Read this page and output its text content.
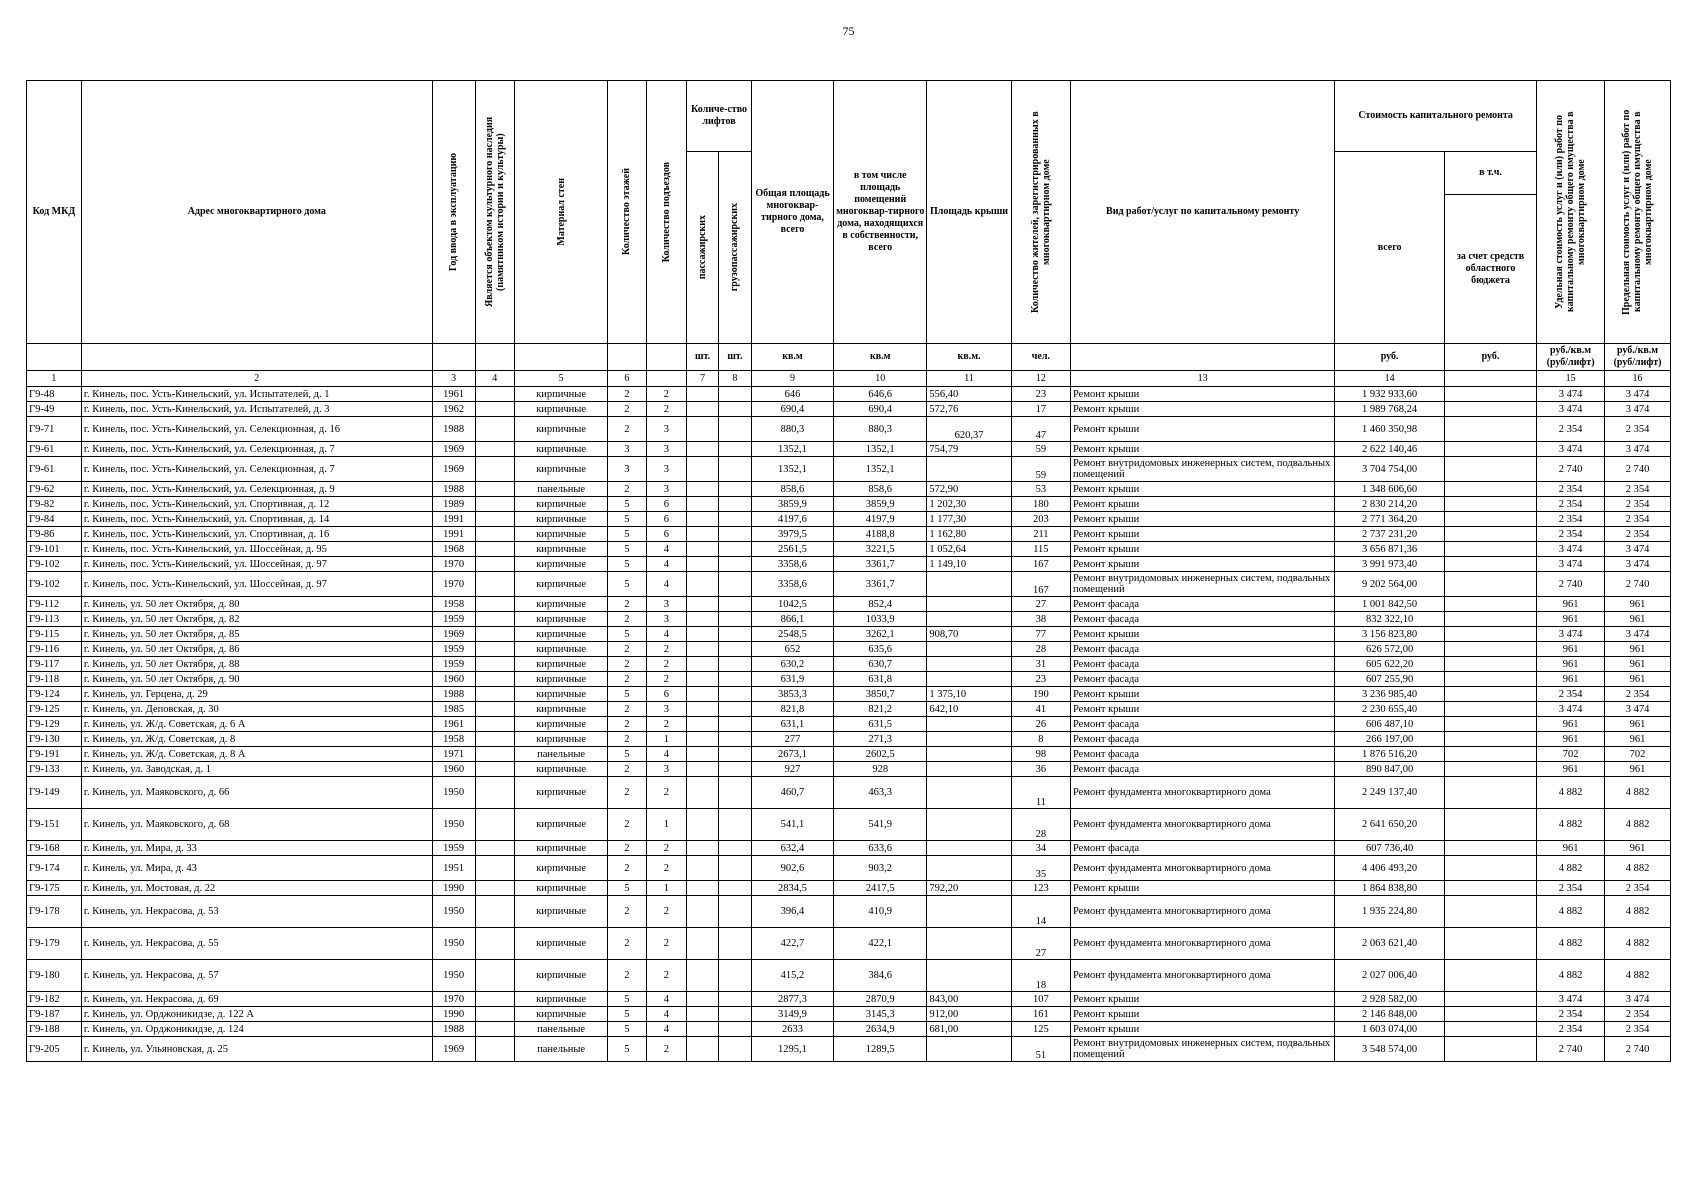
75
Код МКД	Адрес многоквартирного дома	Год ввода в эксплуатацию	Является объектом культурного наследия (памятником истории и культуры)	Материал стен	Количество этажей	Количество подъездов	Количе-ство лифтов		Общая площадь многоквар-тирного дома, всего	в том числе площадь помещений многоквар-тирного дома, находящихся в собственности, всего	Площадь крыши	Количество жителей, зарегистрированных в многоквартирном доме	Вид работ/услуг по капитальному ремонту	Стоимость капитального ремонта		Удельная стоимость услуг и (или) работ по капитальному ремонту общего имущества в многоквартирном доме	Предельная стоимость услуг и (или) работ по капитальному ремонту общего имущества в многоквартирном доме

							пассажирских	грузопассажирских						всего	в т.ч.		
															за счет средств областного бюджета		
							шт.	шт.	кв.м	кв.м	кв.м.	чел.		руб.	руб.	руб./кв.м (руб/лифт)	руб./кв.м (руб/лифт)
1	2	3	4	5	6		7	8	9	10	11	12	13	14		15	16
Г9-48	г. Кинель, пос. Усть-Кинельский, ул. Испытателей, д. 1	1961		кирпичные	2	2			646	646,6	556,40	23	Ремонт крыши	1 932 933,60		3 474	3 474
Г9-49	г. Кинель, пос. Усть-Кинельский, ул. Испытателей, д. 3	1962		кирпичные	2	2			690,4	690,4	572,76	17	Ремонт крыши	1 989 768,24		3 474	3 474
Г9-71	г. Кинель, пос. Усть-Кинельский, ул. Селекционная, д. 16	1988		кирпичные	2	3			880,3	880,3	620,37	47	Ремонт крыши	1 460 350,98		2 354	2 354
Г9-61	г. Кинель, пос. Усть-Кинельский, ул. Селекционная, д. 7	1969		кирпичные	3	3			1352,1	1352,1	754,79	59	Ремонт крыши	2 622 140,46		3 474	3 474
Г9-61	г. Кинель, пос. Усть-Кинельский, ул. Селекционная, д. 7	1969		кирпичные	3	3			1352,1	1352,1		59	Ремонт внутридомовых инженерных систем, подвальных помещений	3 704 754,00		2 740	2 740
Г9-62	г. Кинель, пос. Усть-Кинельский, ул. Селекционная, д. 9	1988		панельные	2	3			858,6	858,6	572,90	53	Ремонт крыши	1 348 606,60		2 354	2 354
Г9-82	г. Кинель, пос. Усть-Кинельский, ул. Спортивная, д. 12	1989		кирпичные	5	6			3859,9	3859,9	1 202,30	180	Ремонт крыши	2 830 214,20		2 354	2 354
Г9-84	г. Кинель, пос. Усть-Кинельский, ул. Спортивная, д. 14	1991		кирпичные	5	6			4197,6	4197,9	1 177,30	203	Ремонт крыши	2 771 364,20		2 354	2 354
Г9-86	г. Кинель, пос. Усть-Кинельский, ул. Спортивная, д. 16	1991		кирпичные	5	6			3979,5	4188,8	1 162,80	211	Ремонт крыши	2 737 231,20		2 354	2 354
Г9-101	г. Кинель, пос. Усть-Кинельский, ул. Шоссейная, д. 95	1968		кирпичные	5	4			2561,5	3221,5	1 052,64	115	Ремонт крыши	3 656 871,36		3 474	3 474
Г9-102	г. Кинель, пос. Усть-Кинельский, ул. Шоссейная, д. 97	1970		кирпичные	5	4			3358,6	3361,7	1 149,10	167	Ремонт крыши	3 991 973,40		3 474	3 474
Г9-102	г. Кинель, пос. Усть-Кинельский, ул. Шоссейная, д. 97	1970		кирпичные	5	4			3358,6	3361,7		167	Ремонт внутридомовых инженерных систем, подвальных помещений	9 202 564,00		2 740	2 740
Г9-112	г. Кинель, ул. 50 лет Октября, д. 80	1958		кирпичные	2	3			1042,5	852,4		27	Ремонт фасада	1 001 842,50		961	961
Г9-113	г. Кинель, ул. 50 лет Октября, д. 82	1959		кирпичные	2	3			866,1	1033,9		38	Ремонт фасада	832 322,10		961	961
Г9-115	г. Кинель, ул. 50 лет Октября, д. 85	1969		кирпичные	5	4			2548,5	3262,1	908,70	77	Ремонт крыши	3 156 823,80		3 474	3 474
Г9-116	г. Кинель, ул. 50 лет Октября, д. 86	1959		кирпичные	2	2			652	635,6		28	Ремонт фасада	626 572,00		961	961
Г9-117	г. Кинель, ул. 50 лет Октября, д. 88	1959		кирпичные	2	2			630,2	630,7		31	Ремонт фасада	605 622,20		961	961
Г9-118	г. Кинель, ул. 50 лет Октября, д. 90	1960		кирпичные	2	2			631,9	631,8		23	Ремонт фасада	607 255,90		961	961
Г9-124	г. Кинель, ул. Герцена, д. 29	1988		кирпичные	5	6			3853,3	3850,7	1 375,10	190	Ремонт крыши	3 236 985,40		2 354	2 354
Г9-125	г. Кинель, ул. Деповская, д. 30	1985		кирпичные	2	3			821,8	821,2	642,10	41	Ремонт крыши	2 230 655,40		3 474	3 474
Г9-129	г. Кинель, ул. Ж/д. Советская, д. 6 А	1961		кирпичные	2	2			631,1	631,5		26	Ремонт фасада	606 487,10		961	961
Г9-130	г. Кинель, ул. Ж/д. Советская, д. 8	1958		кирпичные	2	1			277	271,3		8	Ремонт фасада	266 197,00		961	961
Г9-191	г. Кинель, ул. Ж/д. Советская, д. 8 А	1971		панельные	5	4			2673,1	2602,5		98	Ремонт фасада	1 876 516,20		702	702
Г9-133	г. Кинель, ул. Заводская, д. 1	1960		кирпичные	2	3			927	928		36	Ремонт фасада	890 847,00		961	961
Г9-149	г. Кинель, ул. Маяковского, д. 66	1950		кирпичные	2	2			460,7	463,3		11	Ремонт фундамента многоквартирного дома	2 249 137,40		4 882	4 882
Г9-151	г. Кинель, ул. Маяковского, д. 68	1950		кирпичные	2	1			541,1	541,9		28	Ремонт фундамента многоквартирного дома	2 641 650,20		4 882	4 882
Г9-168	г. Кинель, ул. Мира, д. 33	1959		кирпичные	2	2			632,4	633,6		34	Ремонт фасада	607 736,40		961	961
Г9-174	г. Кинель, ул. Мира, д. 43	1951		кирпичные	2	2			902,6	903,2		35	Ремонт фундамента многоквартирного дома	4 406 493,20		4 882	4 882
Г9-175	г. Кинель, ул. Мостовая, д. 22	1990		кирпичные	5	1			2834,5	2417,5	792,20	123	Ремонт крыши	1 864 838,80		2 354	2 354
Г9-178	г. Кинель, ул. Некрасова, д. 53	1950		кирпичные	2	2			396,4	410,9		14	Ремонт фундамента многоквартирного дома	1 935 224,80		4 882	4 882
Г9-179	г. Кинель, ул. Некрасова, д. 55	1950		кирпичные	2	2			422,7	422,1		27	Ремонт фундамента многоквартирного дома	2 063 621,40		4 882	4 882
Г9-180	г. Кинель, ул. Некрасова, д. 57	1950		кирпичные	2	2			415,2	384,6		18	Ремонт фундамента многоквартирного дома	2 027 006,40		4 882	4 882
Г9-182	г. Кинель, ул. Некрасова, д. 69	1970		кирпичные	5	4			2877,3	2870,9	843,00	107	Ремонт крыши	2 928 582,00		3 474	3 474
Г9-187	г. Кинель, ул. Орджоникидзе, д. 122 А	1990		кирпичные	5	4			3149,9	3145,3	912,00	161	Ремонт крыши	2 146 848,00		2 354	2 354
Г9-188	г. Кинель, ул. Орджоникидзе, д. 124	1988		панельные	5	4			2633	2634,9	681,00	125	Ремонт крыши	1 603 074,00		2 354	2 354
Г9-205	г. Кинель, ул. Ульяновская, д. 25	1969		панельные	5	2			1295,1	1289,5		51	Ремонт внутридомовых инженерных систем, подвальных помещений	3 548 574,00		2 740	2 740
